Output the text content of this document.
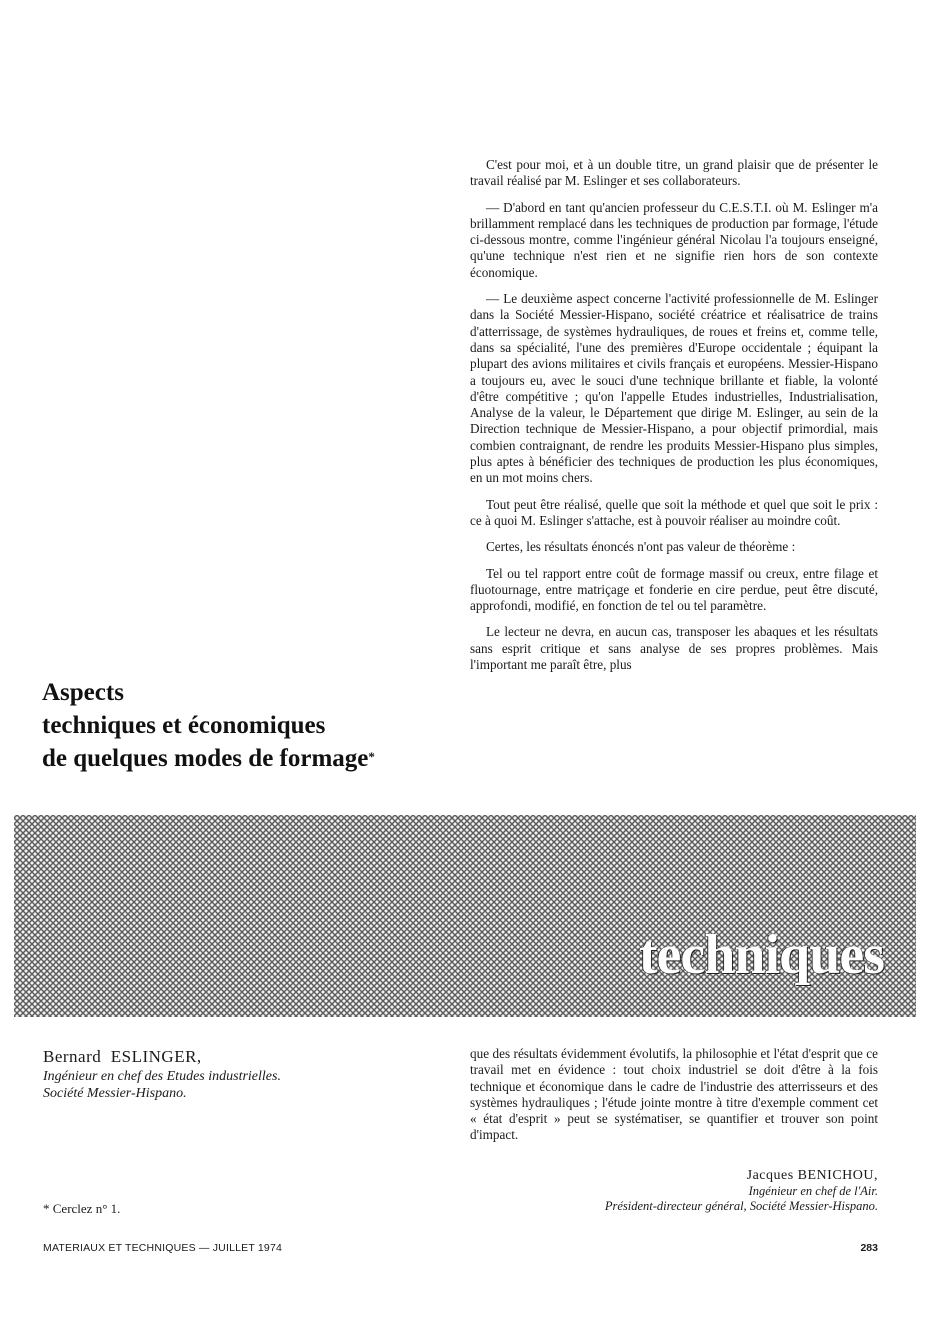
C'est pour moi, et à un double titre, un grand plaisir que de présenter le travail réalisé par M. Eslinger et ses collaborateurs.

— D'abord en tant qu'ancien professeur du C.E.S.T.I. où M. Eslinger m'a brillamment remplacé dans les techniques de production par formage, l'étude ci-dessous montre, comme l'ingénieur général Nicolau l'a toujours enseigné, qu'une technique n'est rien et ne signifie rien hors de son contexte économique.

— Le deuxième aspect concerne l'activité professionnelle de M. Eslinger dans la Société Messier-Hispano, société créatrice et réalisatrice de trains d'atterrissage, de systèmes hydrauliques, de roues et freins et, comme telle, dans sa spécialité, l'une des premières d'Europe occidentale ; équipant la plupart des avions militaires et civils français et européens. Messier-Hispano a toujours eu, avec le souci d'une technique brillante et fiable, la volonté d'être compétitive ; qu'on l'appelle Etudes industrielles, Industrialisation, Analyse de la valeur, le Département que dirige M. Eslinger, au sein de la Direction technique de Messier-Hispano, a pour objectif primordial, mais combien contraignant, de rendre les produits Messier-Hispano plus simples, plus aptes à bénéficier des techniques de production les plus économiques, en un mot moins chers.

Tout peut être réalisé, quelle que soit la méthode et quel que soit le prix : ce à quoi M. Eslinger s'attache, est à pouvoir réaliser au moindre coût.

Certes, les résultats énoncés n'ont pas valeur de théorème :

Tel ou tel rapport entre coût de formage massif ou creux, entre filage et fluotournage, entre matriçage et fonderie en cire perdue, peut être discuté, approfondi, modifié, en fonction de tel ou tel paramètre.

Le lecteur ne devra, en aucun cas, transposer les abaques et les résultats sans esprit critique et sans analyse de ses propres problèmes. Mais l'important me paraît être, plus

Aspects
techniques et économiques
de quelques modes de formage*
techniques
Bernard  ESLINGER,
Ingénieur en chef des Etudes industrielles.
Société Messier-Hispano.
que des résultats évidemment évolutifs, la philosophie et l'état d'esprit que ce travail met en évidence : tout choix industriel se doit d'être à la fois technique et économique dans le cadre de l'industrie des atterrisseurs et des systèmes hydrauliques ; l'étude jointe montre à titre d'exemple comment cet « état d'esprit » peut se systématiser, se quantifier et trouver son point d'impact.
Jacques BENICHOU,
Ingénieur en chef de l'Air.
Président-directeur général, Société Messier-Hispano.
* Cerclez n° 1.
MATERIAUX ET TECHNIQUES — JUILLET 1974	283
